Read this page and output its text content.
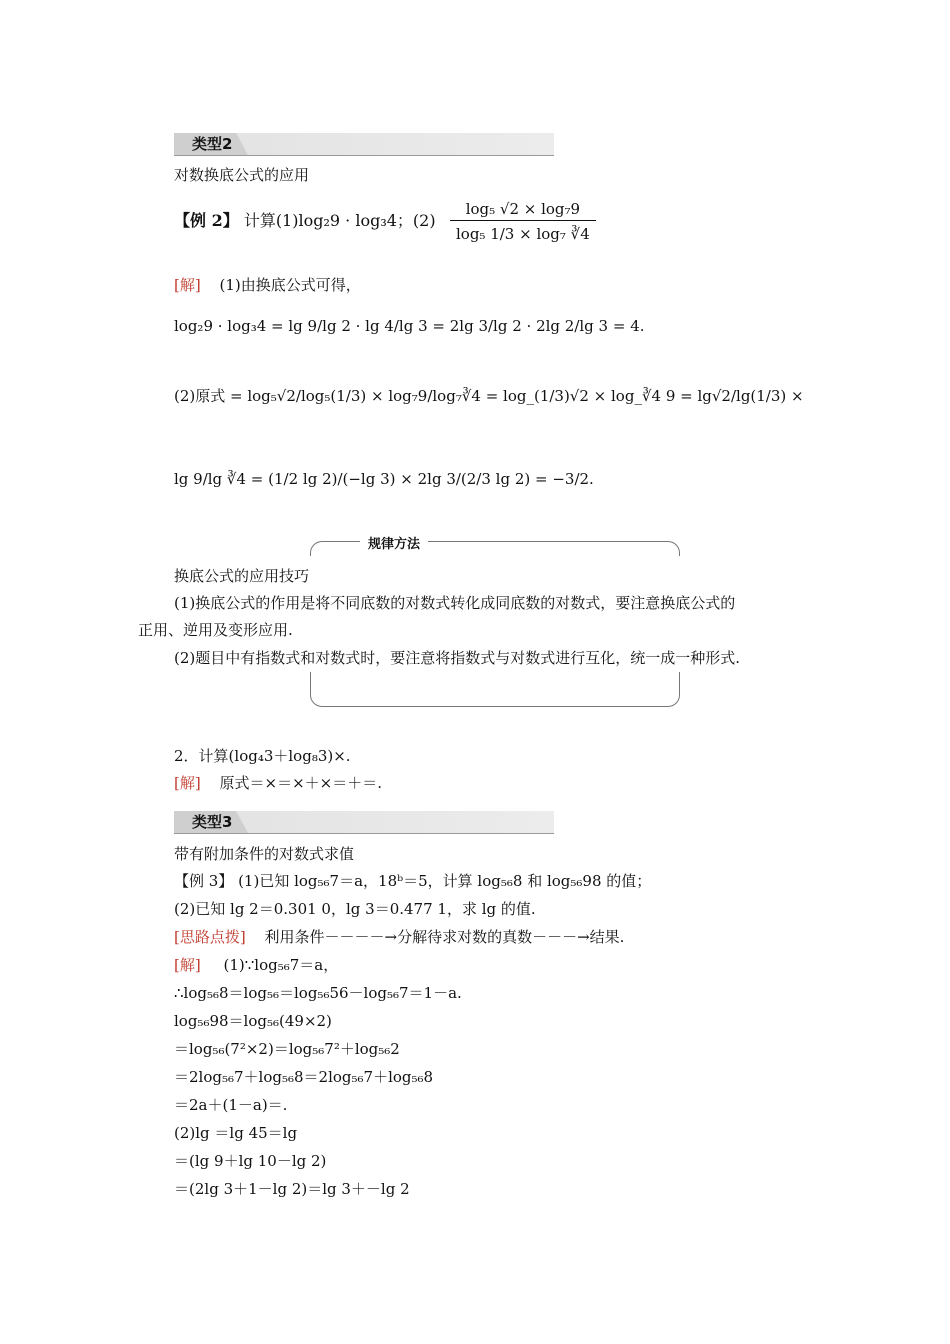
类型2
对数换底公式的应用
【例 2】 计算(1)log₂9 · log₃4；$(2) \frac{\text{log₅ √2 × log₇9}}{\text{log₅ 1/3 × log₇ ∛4}}$
[解] (1)由换底公式可得，
log₂9 · log₃4 = lg 9/lg 2 · lg 4/lg 3 = 2lg 3/lg 2 · 2lg 2/lg 3 = 4.
(2)原式 = log₅√2/log₅(1/3) × log₇9/log₇∛4 = log_(1/3)√2 × log_∛4 9 = lg√2/lg(1/3) ×
lg 9/lg ∛4 = (1/2 lg 2)/(−lg 3) × 2lg 3/(2/3 lg 2) = −3/2.
规律方法
换底公式的应用技巧
(1)换底公式的作用是将不同底数的对数式转化成同底数的对数式，要注意换底公式的
正用、逆用及变形应用.
(2)题目中有指数式和对数式时，要注意将指数式与对数式进行互化，统一成一种形式.
2．计算(log₄3＋log₈3)×.
[解] 原式＝×＝×＋×＝＋＝.
类型3
带有附加条件的对数式求值
【例 3】 (1)已知 log₅₆7＝a，18ᵇ＝5，计算 log₅₆8 和 log₅₆98 的值；
(2)已知 lg 2＝0.301 0，lg 3＝0.477 1，求 lg 的值.
[思路点拨] 利用条件－－－－→分解待求对数的真数－－－→结果.
[解] (1)∵log₅₆7＝a，
∴log₅₆8＝log₅₆＝log₅₆56－log₅₆7＝1－a.
log₅₆98＝log₅₆(49×2)
＝log₅₆(7²×2)＝log₅₆7²＋log₅₆2
＝2log₅₆7＋log₅₆8＝2log₅₆7＋log₅₆8
＝2a＋(1－a)＝.
(2)lg ＝lg 45＝lg
＝(lg 9＋lg 10－lg 2)
＝(2lg 3＋1－lg 2)＝lg 3＋－lg 2
